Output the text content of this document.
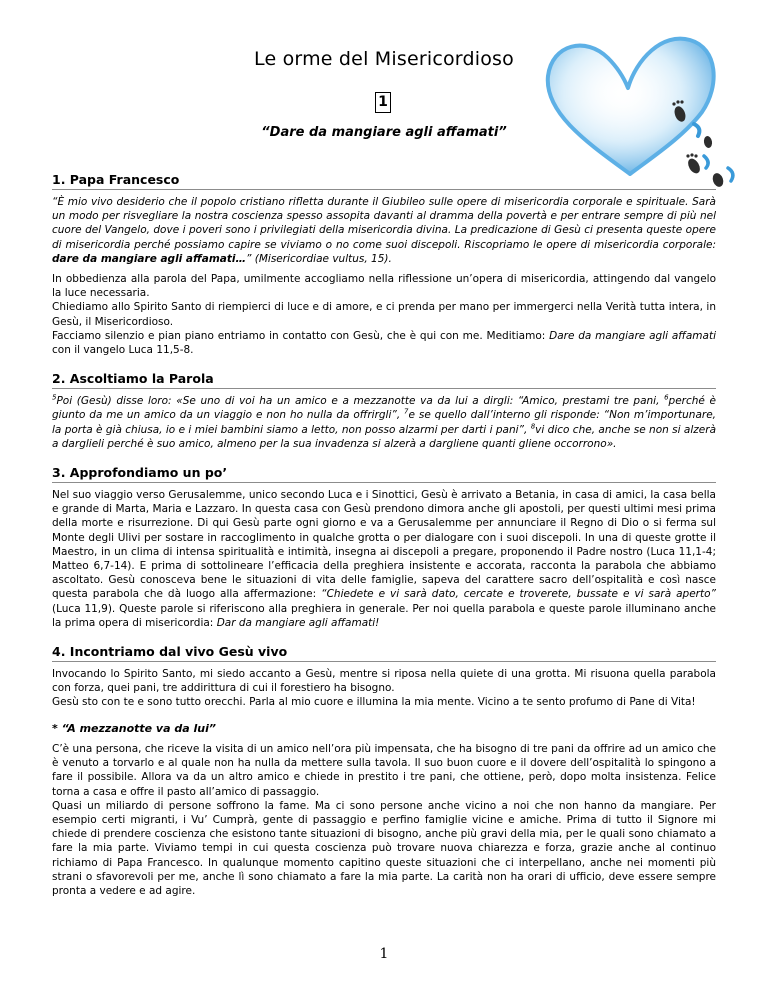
Le orme del Misericordioso
1

“Dare da mangiare agli affamati”

1. Papa Francesco

“È mio vivo desiderio che il popolo cristiano rifletta durante il Giubileo sulle opere di misericordia corporale e spirituale. Sarà un modo per risvegliare la nostra coscienza spesso assopita davanti al dramma della povertà e per entrare sempre di più nel cuore del Vangelo, dove i poveri sono i privilegiati della misericordia divina. La predicazione di Gesù ci presenta queste opere di misericordia perché possiamo capire se viviamo o no come suoi discepoli. Riscopriamo le opere di misericordia corporale: dare da mangiare agli affamati…” (Misericordiae vultus, 15).

In obbedienza alla parola del Papa, umilmente accogliamo nella riflessione un’opera di misericordia, attingendo dal vangelo la luce necessaria.

Chiediamo allo Spirito Santo di riempierci di luce e di amore, e ci prenda per mano per immergerci nella Verità tutta intera, in Gesù, il Misericordioso.

Facciamo silenzio e pian piano entriamo in contatto con Gesù, che è qui con me. Meditiamo: Dare da mangiare agli affamati con il vangelo Luca 11,5-8.

2. Ascoltiamo la Parola

$^5$Poi (Gesù) disse loro: «Se uno di voi ha un amico e a mezzanotte va da lui a dirgli: “Amico, prestami tre pani, $^6$perché è giunto da me un amico da un viaggio e non ho nulla da offrirgli”, $^7$e se quello dall’interno gli risponde: “Non m’importunare, la porta è già chiusa, io e i miei bambini siamo a letto, non posso alzarmi per darti i pani”, $^8$vi dico che, anche se non si alzerà a darglieli perché è suo amico, almeno per la sua invadenza si alzerà a dargliene quanti gliene occorrono».

3. Approfondiamo un po’

Nel suo viaggio verso Gerusalemme, unico secondo Luca e i Sinottici, Gesù è arrivato a Betania, in casa di amici, la casa bella e grande di Marta, Maria e Lazzaro. In questa casa con Gesù prendono dimora anche gli apostoli, per questi ultimi mesi prima della morte e risurrezione. Di qui Gesù parte ogni giorno e va a Gerusalemme per annunciare il Regno di Dio o si ferma sul Monte degli Ulivi per sostare in raccoglimento in qualche grotta o per dialogare con i suoi discepoli. In una di queste grotte il Maestro, in un clima di intensa spiritualità e intimità, insegna ai discepoli a pregare, proponendo il Padre nostro (Luca 11,1-4; Matteo 6,7-14). E prima di sottolineare l’efficacia della preghiera insistente e accorata, racconta la parabola che abbiamo ascoltato. Gesù conosceva bene le situazioni di vita delle famiglie, sapeva del carattere sacro dell’ospitalità e così nasce questa parabola che dà luogo alla affermazione: “Chiedete e vi sarà dato, cercate e troverete, bussate e vi sarà aperto” (Luca 11,9). Queste parole si riferiscono alla preghiera in generale. Per noi quella parabola e queste parole illuminano anche la prima opera di misericordia: Dar da mangiare agli affamati!

4. Incontriamo dal vivo Gesù vivo

Invocando lo Spirito Santo, mi siedo accanto a Gesù, mentre si riposa nella quiete di una grotta. Mi risuona quella parabola con forza, quei pani, tre addirittura di cui il forestiero ha bisogno.

Gesù sto con te e sono tutto orecchi. Parla al mio cuore e illumina la mia mente. Vicino a te sento profumo di Pane di Vita!

* “A mezzanotte va da lui”

C’è una persona, che riceve la visita di un amico nell’ora più impensata, che ha bisogno di tre pani da offrire ad un amico che è venuto a torvarlo e al quale non ha nulla da mettere sulla tavola. Il suo buon cuore e il dovere dell’ospitalità lo spingono a fare il possibile. Allora va da un altro amico e chiede in prestito i tre pani, che ottiene, però, dopo molta insistenza. Felice torna a casa e offre il pasto all’amico di passaggio.

Quasi un miliardo di persone soffrono la fame. Ma ci sono persone anche vicino a noi che non hanno da mangiare. Per esempio certi migranti, i Vu’ Cumprà, gente di passaggio e perfino famiglie vicine e amiche. Prima di tutto il Signore mi chiede di prendere coscienza che esistono tante situazioni di bisogno, anche più gravi della mia, per le quali sono chiamato a fare la mia parte. Viviamo tempi in cui questa coscienza può trovare nuova chiarezza e forza, grazie anche al continuo richiamo di Papa Francesco. In qualunque momento capitino queste situazioni che ci interpellano, anche nei momenti più strani o sfavorevoli per me, anche lì sono chiamato a fare la mia parte. La carità non ha orari di ufficio, deve essere sempre pronta a vedere e ad agire.

1
